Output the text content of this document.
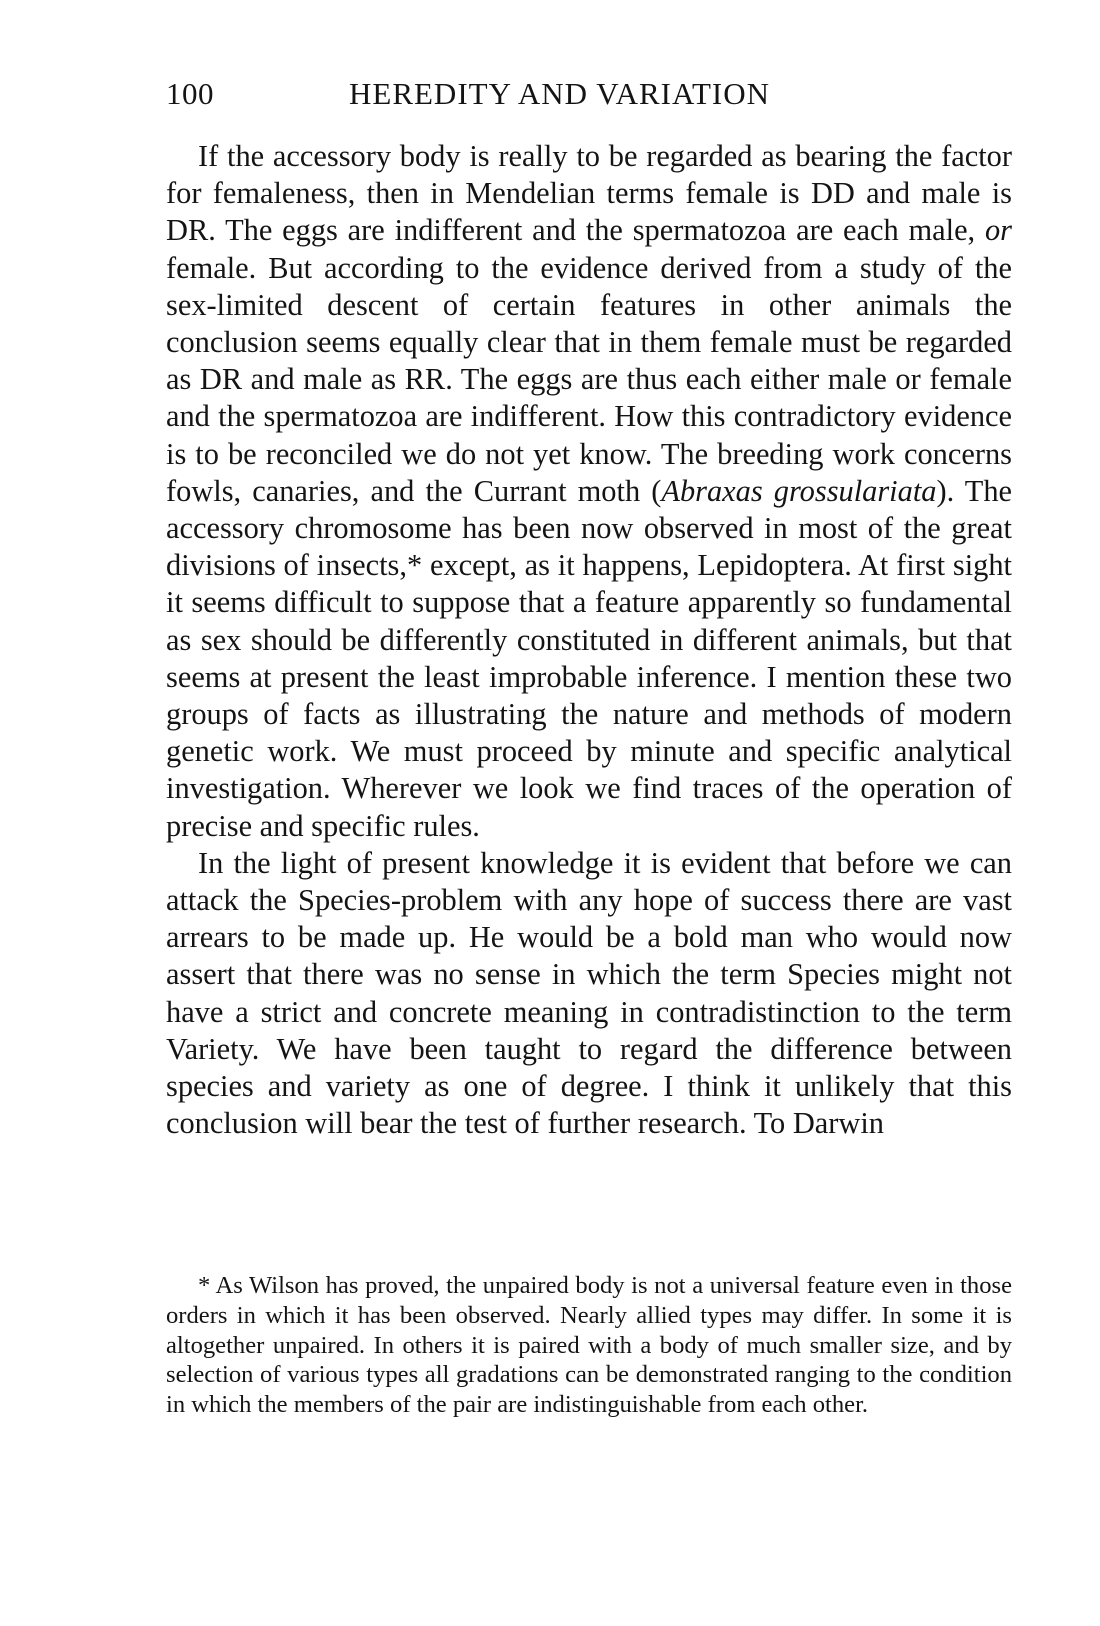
100	HEREDITY AND VARIATION

If the accessory body is really to be regarded as bearing the factor for femaleness, then in Mendelian terms female is DD and male is DR. The eggs are indifferent and the spermatozoa are each male, or female. But according to the evidence derived from a study of the sex-limited descent of certain features in other animals the conclusion seems equally clear that in them female must be regarded as DR and male as RR. The eggs are thus each either male or female and the spermatozoa are indifferent. How this contradictory evidence is to be reconciled we do not yet know. The breeding work concerns fowls, canaries, and the Currant moth (Abraxas grossulariata). The accessory chromosome has been now observed in most of the great divisions of insects,* except, as it happens, Lepidoptera. At first sight it seems difficult to suppose that a feature apparently so fundamental as sex should be differently constituted in different animals, but that seems at present the least improbable inference. I mention these two groups of facts as illustrating the nature and methods of modern genetic work. We must proceed by minute and specific analytical investigation. Wherever we look we find traces of the operation of precise and specific rules.

In the light of present knowledge it is evident that before we can attack the Species-problem with any hope of success there are vast arrears to be made up. He would be a bold man who would now assert that there was no sense in which the term Species might not have a strict and concrete meaning in contradistinction to the term Variety. We have been taught to regard the difference between species and variety as one of degree. I think it unlikely that this conclusion will bear the test of further research. To Darwin

* As Wilson has proved, the unpaired body is not a universal feature even in those orders in which it has been observed. Nearly allied types may differ. In some it is altogether unpaired. In others it is paired with a body of much smaller size, and by selection of various types all gradations can be demonstrated ranging to the condition in which the members of the pair are indistinguishable from each other.
